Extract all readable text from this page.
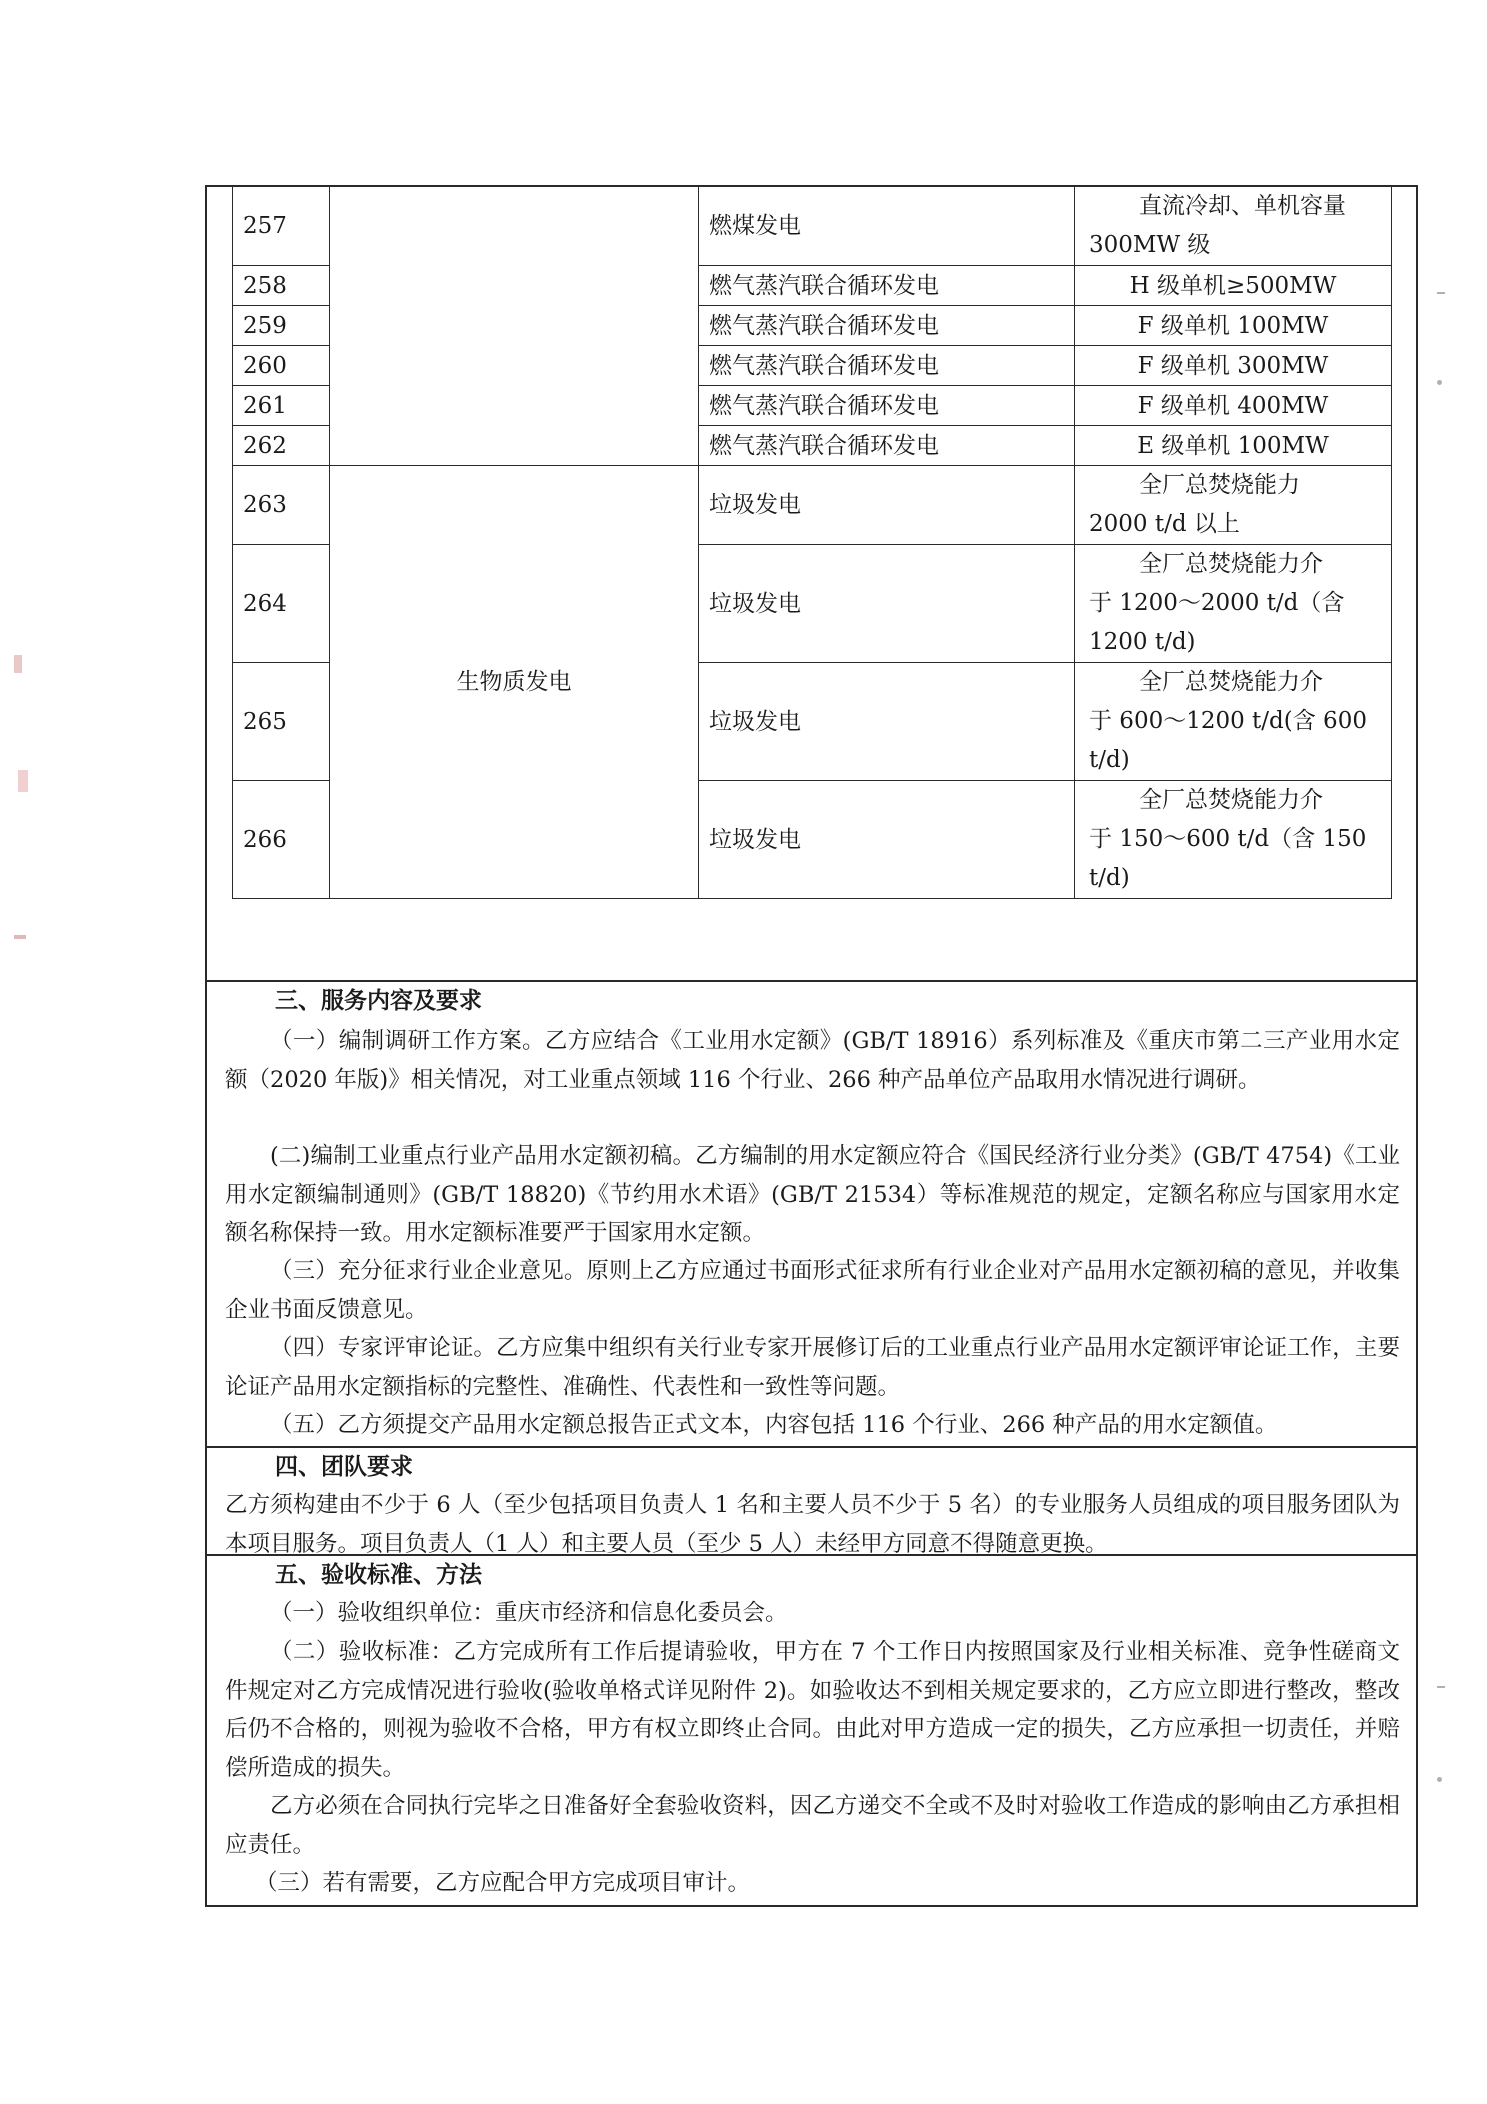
257		燃煤发电	直流冷却、单机容量
300MW 级

258		燃气蒸汽联合循环发电	H 级单机≥500MW
259		燃气蒸汽联合循环发电	F 级单机 100MW
260		燃气蒸汽联合循环发电	F 级单机 300MW
261		燃气蒸汽联合循环发电	F 级单机 400MW
262		燃气蒸汽联合循环发电	E 级单机 100MW
263	生物质发电	垃圾发电	全厂总焚烧能力
2000 t/d 以上

264		垃圾发电	全厂总焚烧能力介
于 1200～2000 t/d（含
1200 t/d)

265		垃圾发电	全厂总焚烧能力介
于 600～1200 t/d(含 600
t/d)

266		垃圾发电	全厂总焚烧能力介
于 150～600 t/d（含 150
t/d)
三、服务内容及要求

（一）编制调研工作方案。乙方应结合《工业用水定额》(GB/T 18916）系列标准及《重庆市第二三产业用水定额（2020 年版)》相关情况，对工业重点领域 116 个行业、266 种产品单位产品取用水情况进行调研。

(二)编制工业重点行业产品用水定额初稿。乙方编制的用水定额应符合《国民经济行业分类》(GB/T 4754)《工业用水定额编制通则》(GB/T 18820)《节约用水术语》(GB/T 21534）等标准规范的规定，定额名称应与国家用水定额名称保持一致。用水定额标准要严于国家用水定额。

（三）充分征求行业企业意见。原则上乙方应通过书面形式征求所有行业企业对产品用水定额初稿的意见，并收集企业书面反馈意见。

（四）专家评审论证。乙方应集中组织有关行业专家开展修订后的工业重点行业产品用水定额评审论证工作，主要论证产品用水定额指标的完整性、准确性、代表性和一致性等问题。

（五）乙方须提交产品用水定额总报告正式文本，内容包括 116 个行业、266 种产品的用水定额值。

四、团队要求

乙方须构建由不少于 6 人（至少包括项目负责人 1 名和主要人员不少于 5 名）的专业服务人员组成的项目服务团队为本项目服务。项目负责人（1 人）和主要人员（至少 5 人）未经甲方同意不得随意更换。

五、验收标准、方法

（一）验收组织单位：重庆市经济和信息化委员会。

（二）验收标准：乙方完成所有工作后提请验收，甲方在 7 个工作日内按照国家及行业相关标准、竞争性磋商文件规定对乙方完成情况进行验收(验收单格式详见附件 2)。如验收达不到相关规定要求的，乙方应立即进行整改，整改后仍不合格的，则视为验收不合格，甲方有权立即终止合同。由此对甲方造成一定的损失，乙方应承担一切责任，并赔偿所造成的损失。

乙方必须在合同执行完毕之日准备好全套验收资料，因乙方递交不全或不及时对验收工作造成的影响由乙方承担相应责任。

（三）若有需要，乙方应配合甲方完成项目审计。
